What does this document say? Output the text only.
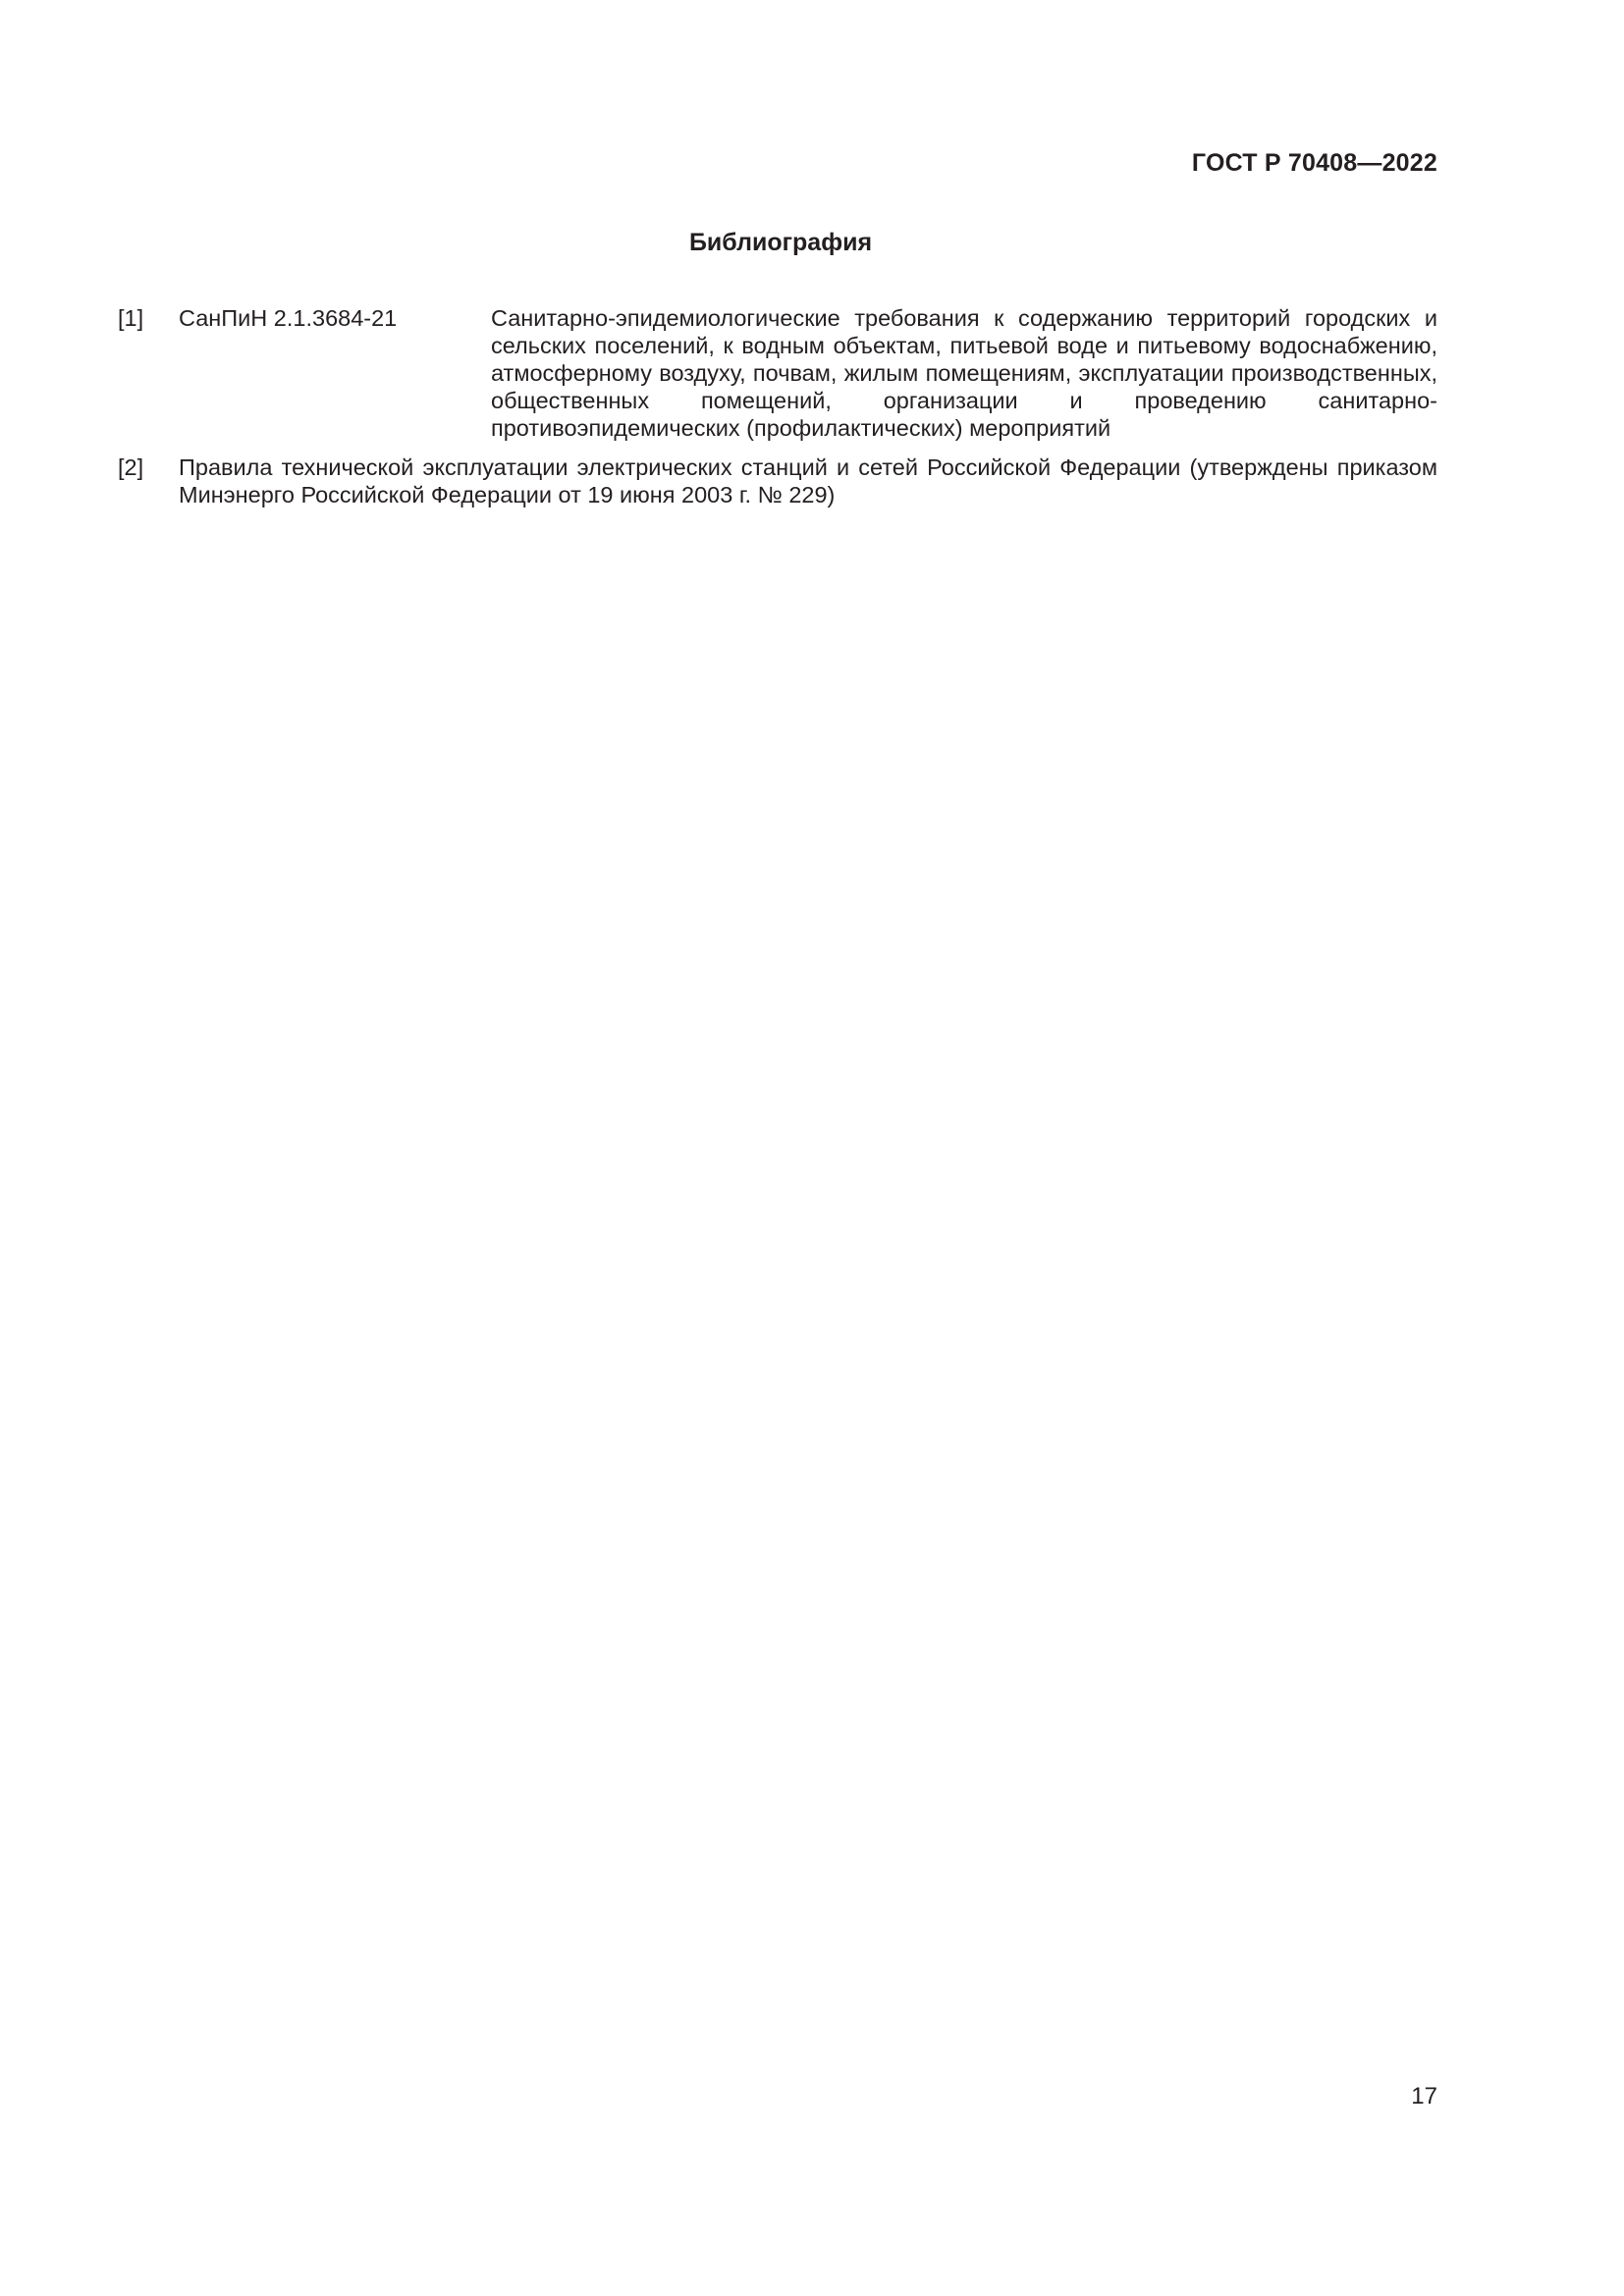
ГОСТ Р 70408—2022
Библиография
[1] СанПиН 2.1.3684-21	Санитарно-эпидемиологические требования к содержанию территорий городских и сельских поселений, к водным объектам, питьевой воде и питьевому водоснабжению, атмосферному воздуху, почвам, жилым помещениям, эксплуатации производственных, общественных помещений, организации и проведению санитарно-противоэпидемических (профилактических) мероприятий
[2] Правила технической эксплуатации электрических станций и сетей Российской Федерации (утверждены приказом Минэнерго Российской Федерации от 19 июня 2003 г. № 229)
17
